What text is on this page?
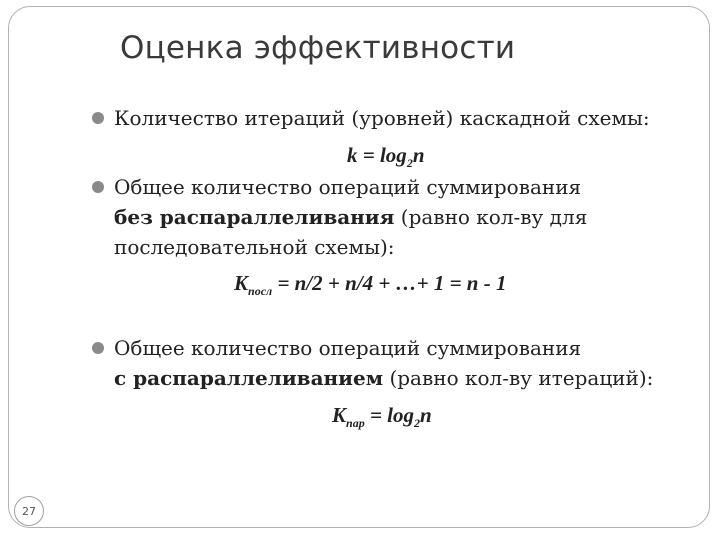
Оценка эффективности
Количество итераций (уровней) каскадной схемы:
$k = \log_2n$
Общее количество операций суммирования
без распараллеливания (равно кол-ву для
последовательной схемы):
$K_{посл} = n/2 + n/4$ + …+ 1 = n - 1
Общее количество операций суммирования
с распараллеливанием (равно кол-ву итераций):
$K_{пар} = \log_2n$
27
